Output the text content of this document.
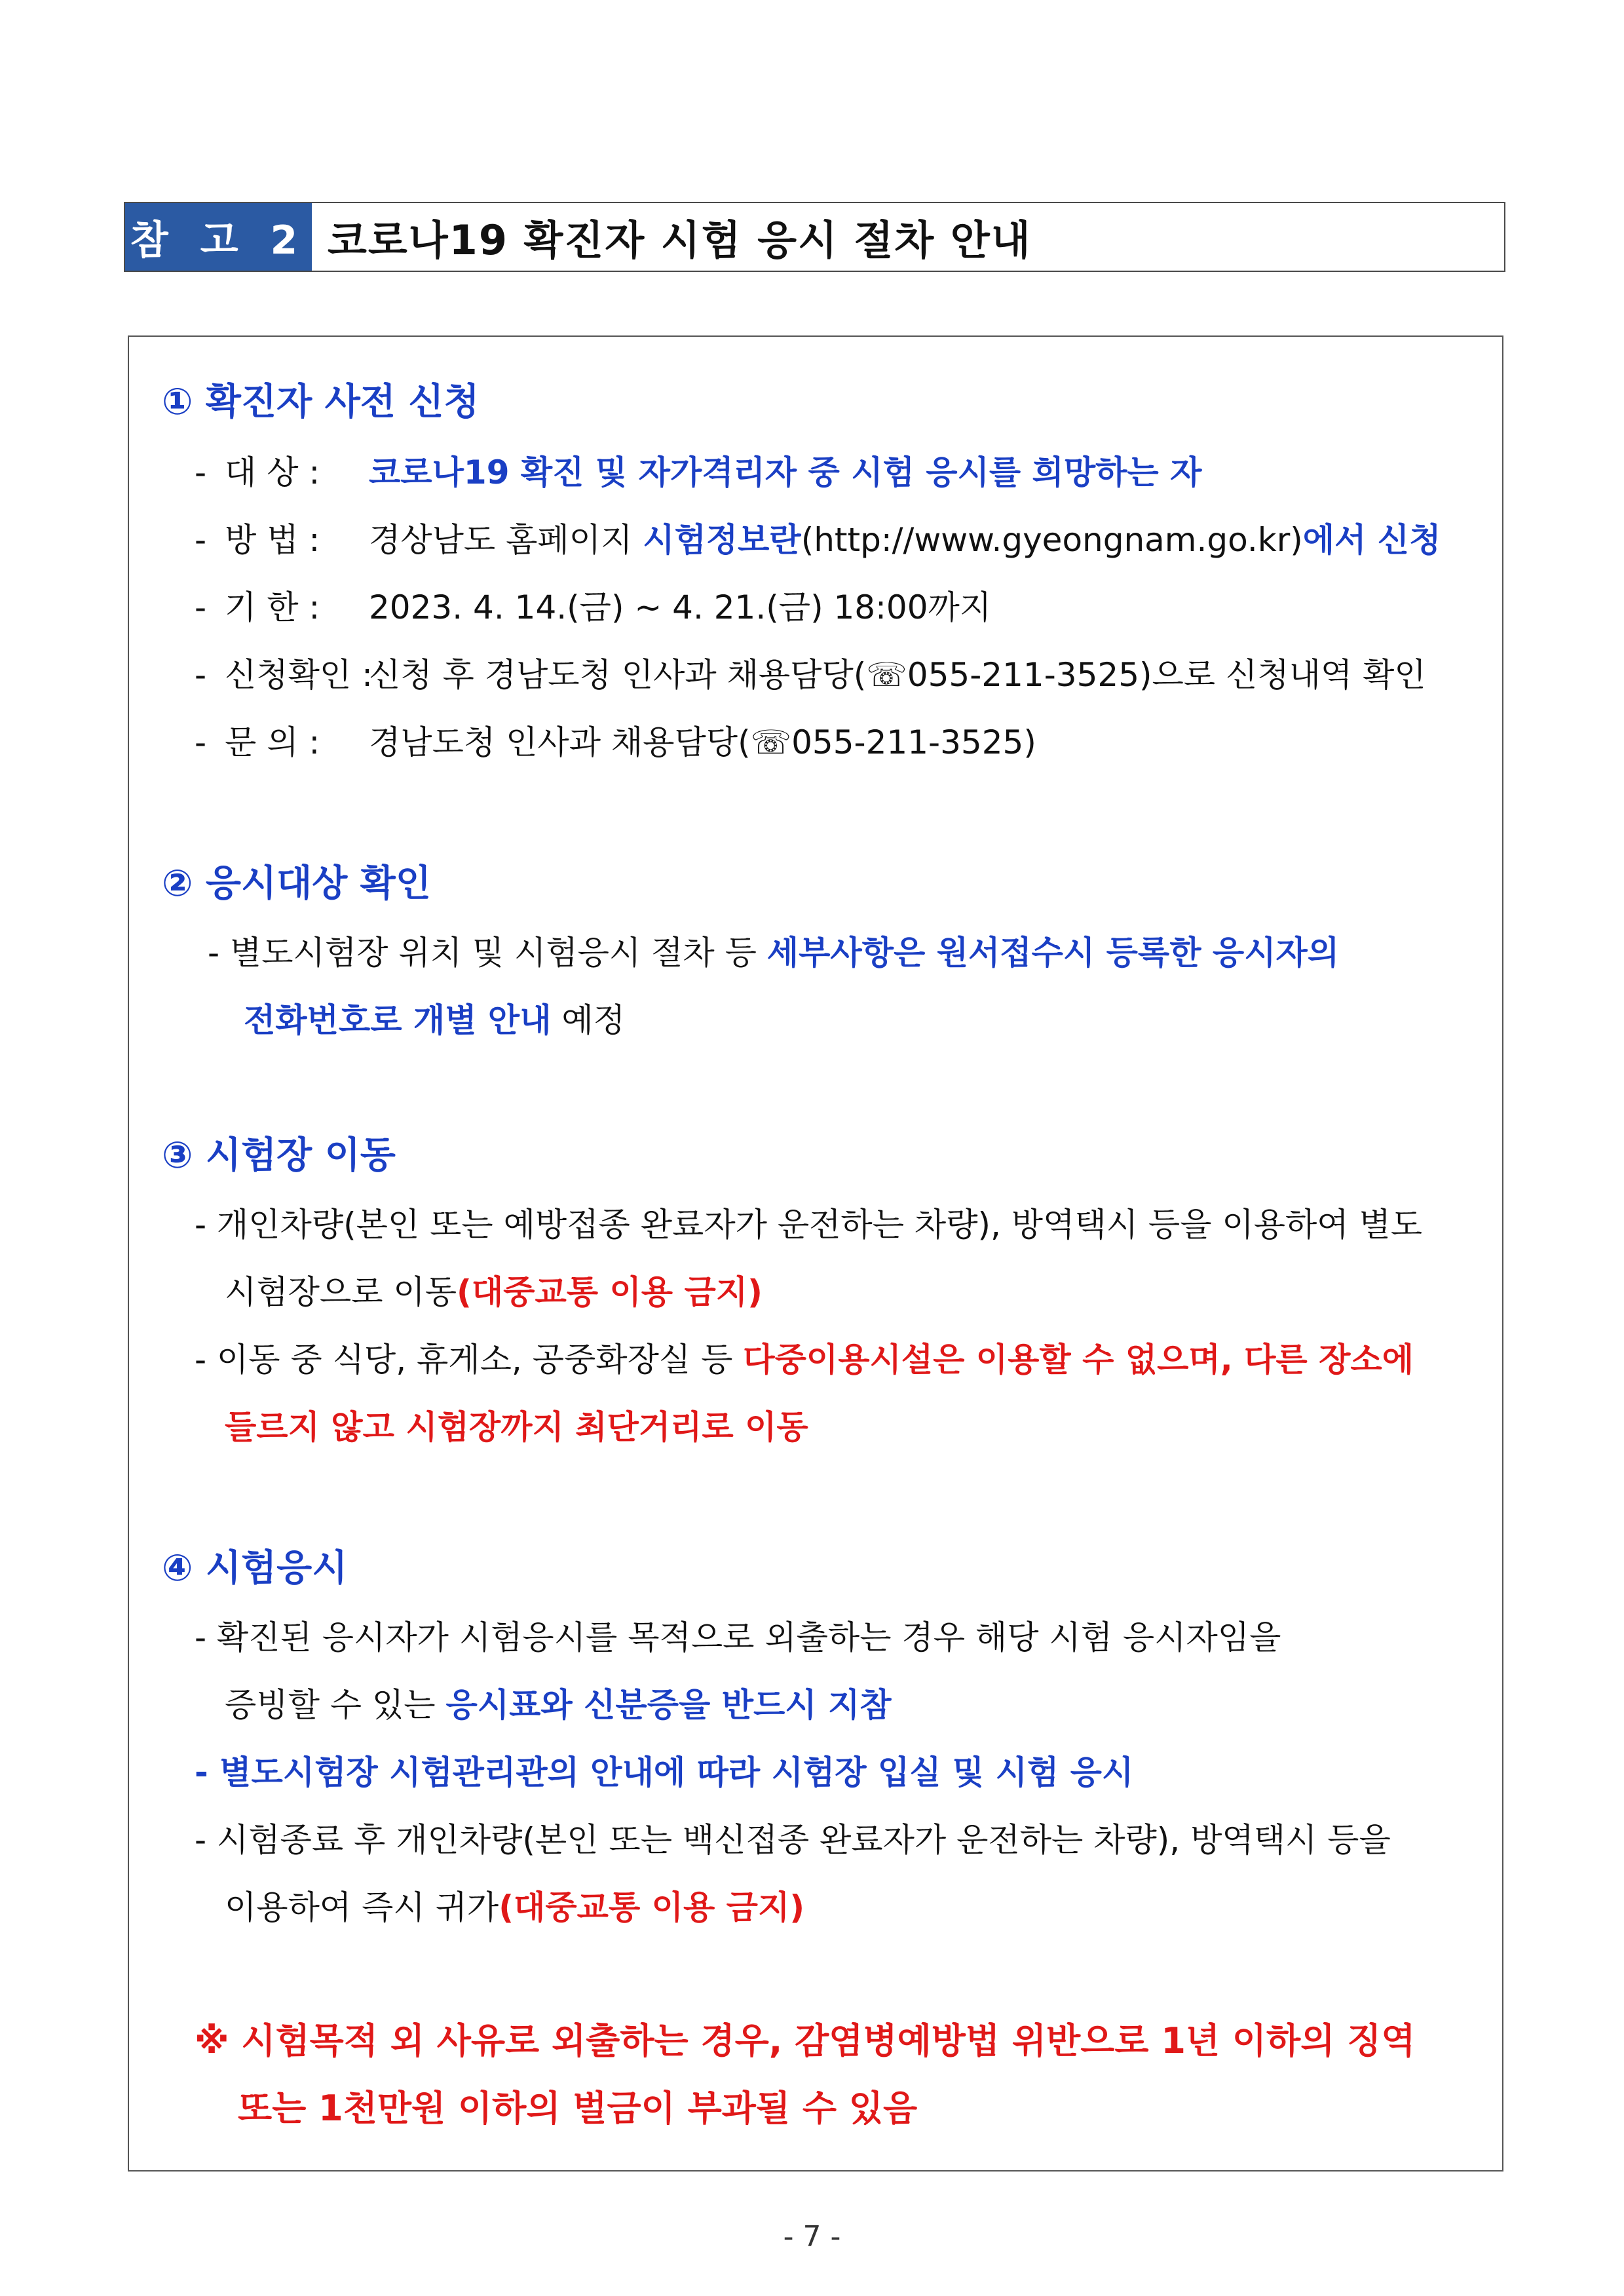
참 고 2 코로나19 확진자 시험 응시 절차 안내
① 확진자 사전 신청
- 대 상 : 코로나19 확진 및 자가격리자 중 시험 응시를 희망하는 자
- 방 법 : 경상남도 홈페이지 시험정보란(http://www.gyeongnam.go.kr)에서 신청
- 기 한 : 2023. 4. 14.(금) ~ 4. 21.(금) 18:00까지
- 신청확인 :신청 후 경남도청 인사과 채용담당(☏055-211-3525)으로 신청내역 확인
- 문 의 : 경남도청 인사과 채용담당(☏055-211-3525)
② 응시대상 확인
- 별도시험장 위치 및 시험응시 절차 등 세부사항은 원서접수시 등록한 응시자의
전화번호로 개별 안내 예정
③ 시험장 이동
- 개인차량(본인 또는 예방접종 완료자가 운전하는 차량), 방역택시 등을 이용하여 별도
시험장으로 이동(대중교통 이용 금지)
- 이동 중 식당, 휴게소, 공중화장실 등 다중이용시설은 이용할 수 없으며, 다른 장소에
들르지 않고 시험장까지 최단거리로 이동
④ 시험응시
- 확진된 응시자가 시험응시를 목적으로 외출하는 경우 해당 시험 응시자임을
증빙할 수 있는 응시표와 신분증을 반드시 지참
- 별도시험장 시험관리관의 안내에 따라 시험장 입실 및 시험 응시
- 시험종료 후 개인차량(본인 또는 백신접종 완료자가 운전하는 차량), 방역택시 등을
이용하여 즉시 귀가(대중교통 이용 금지)
※ 시험목적 외 사유로 외출하는 경우, 감염병예방법 위반으로 1년 이하의 징역
또는 1천만원 이하의 벌금이 부과될 수 있음
- 7 -
